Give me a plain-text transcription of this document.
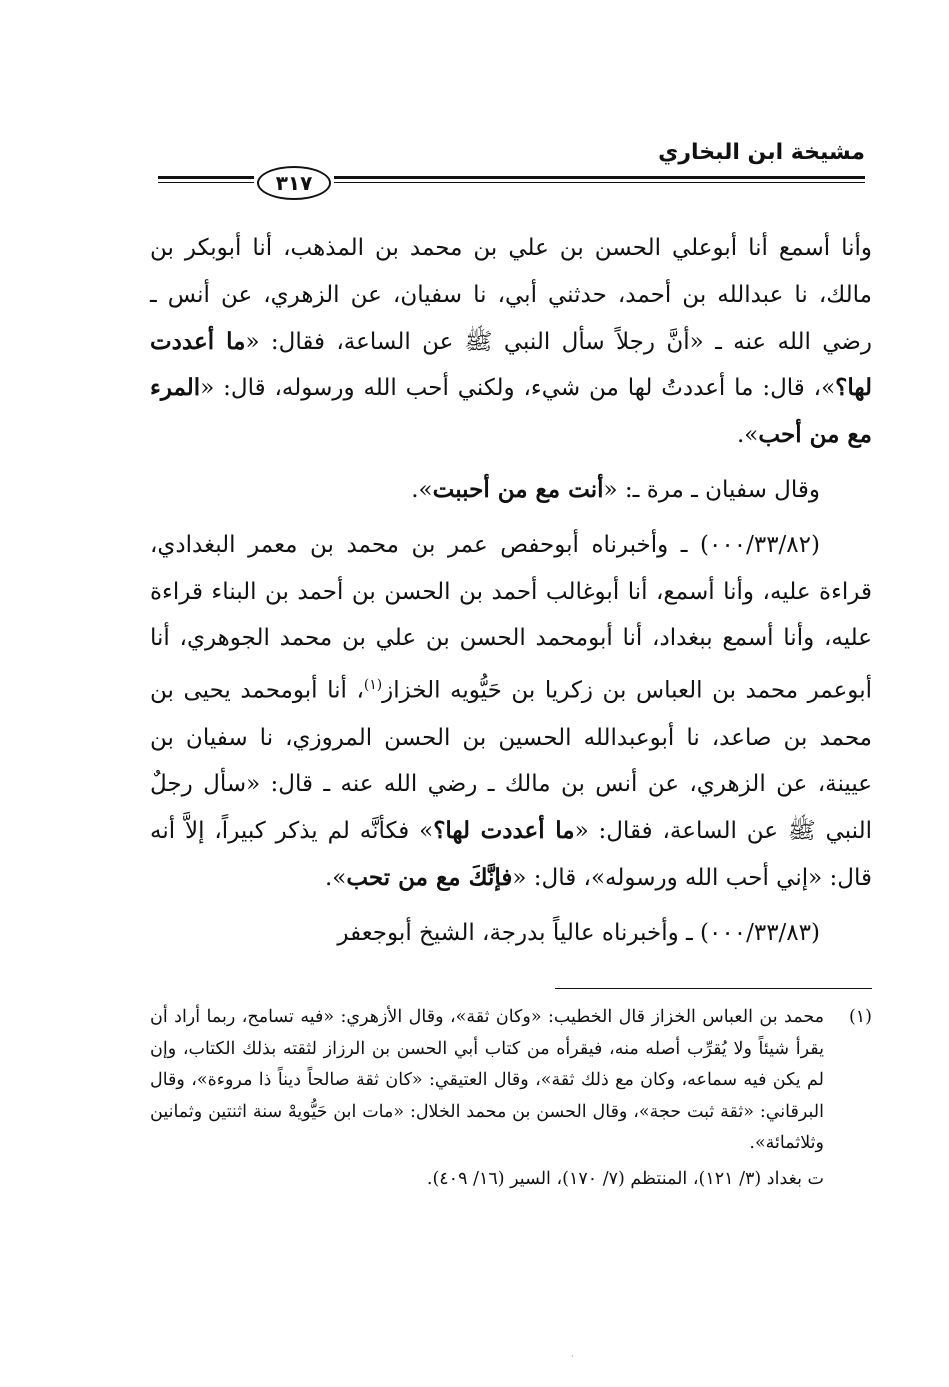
مشيخة ابن البخاري
٣١٧

وأنا أسمع أنا أبوعلي الحسن بن علي بن محمد بن المذهب، أنا أبوبكر بن مالك، نا عبدالله بن أحمد، حدثني أبي، نا سفيان، عن الزهري، عن أنس ـ رضي الله عنه ـ «أنَّ رجلاً سأل النبي ﷺ عن الساعة، فقال: «ما أعددت لها؟»، قال: ما أعددتُ لها من شيء، ولكني أحب الله ورسوله، قال: «المرء مع من أحب».

وقال سفيان ـ مرة ـ: «أنت مع من أحببت».

(٠٠٠/٣٣/٨٢) ـ وأخبرناه أبوحفص عمر بن محمد بن معمر البغدادي، قراءة عليه، وأنا أسمع، أنا أبوغالب أحمد بن الحسن بن أحمد بن البناء قراءة عليه، وأنا أسمع ببغداد، أنا أبومحمد الحسن بن علي بن محمد الجوهري، أنا أبوعمر محمد بن العباس بن زكريا بن حَيُّويه الخزاز$^{(١)}$، أنا أبومحمد يحيى بن محمد بن صاعد، نا أبوعبدالله الحسين بن الحسن المروزي، نا سفيان بن عيينة، عن الزهري، عن أنس بن مالك ـ رضي الله عنه ـ قال: «سأل رجلٌ النبي ﷺ عن الساعة، فقال: «ما أعددت لها؟» فكأنَّه لم يذكر كبيراً، إلاَّ أنه قال: «إني أحب الله ورسوله»، قال: «فإنَّكَ مع من تحب».

(٠٠٠/٣٣/٨٣) ـ وأخبرناه عالياً بدرجة، الشيخ أبوجعفر

(١)
محمد بن العباس الخزاز قال الخطيب: «وكان ثقة»، وقال الأزهري: «فيه تسامح، ربما أراد أن يقرأ شيئاً ولا يُقرِّب أصله منه، فيقرأه من كتاب أبي الحسن بن الرزاز لثقته بذلك الكتاب، وإن لم يكن فيه سماعه، وكان مع ذلك ثقة»، وقال العتيقي: «كان ثقة صالحاً ديناً ذا مروءة»، وقال البرقاني: «ثقة ثبت حجة»، وقال الحسن بن محمد الخلال: «مات ابن حَيُّويهْ سنة اثنتين وثمانين وثلاثمائة».
ت بغداد (٣/ ١٢١)، المنتظم (٧/ ١٧٠)، السير (١٦/ ٤٠٩).
·
